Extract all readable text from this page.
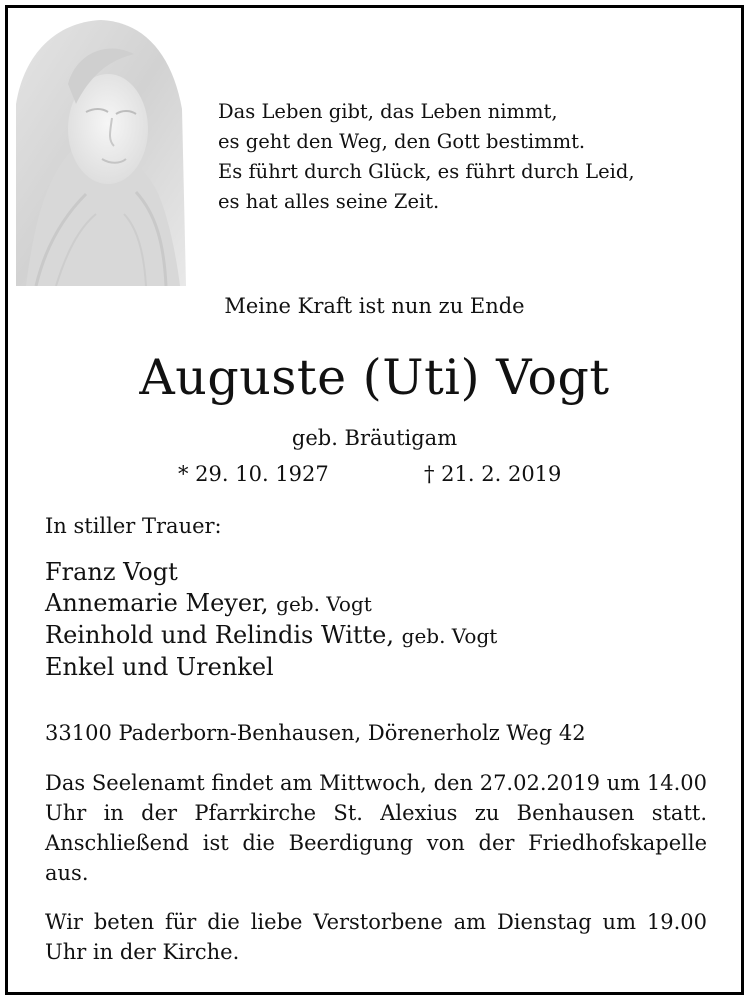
Das Leben gibt, das Leben nimmt,
es geht den Weg, den Gott bestimmt.
Es führt durch Glück, es führt durch Leid,
es hat alles seine Zeit.
Meine Kraft ist nun zu Ende
Auguste (Uti) Vogt
geb. Bräutigam
* 29. 10. 1927	† 21. 2. 2019
In stiller Trauer:
Franz Vogt
Annemarie Meyer, geb. Vogt
Reinhold und Relindis Witte, geb. Vogt
Enkel und Urenkel
33100 Paderborn-Benhausen, Dörenerholz Weg 42
Das Seelenamt findet am Mittwoch, den 27.02.2019 um 14.00 Uhr in der Pfarrkirche St. Alexius zu Benhausen statt. Anschließend ist die Beerdigung von der Friedhofskapelle aus.
Wir beten für die liebe Verstorbene am Dienstag um 19.00 Uhr in der Kirche.
